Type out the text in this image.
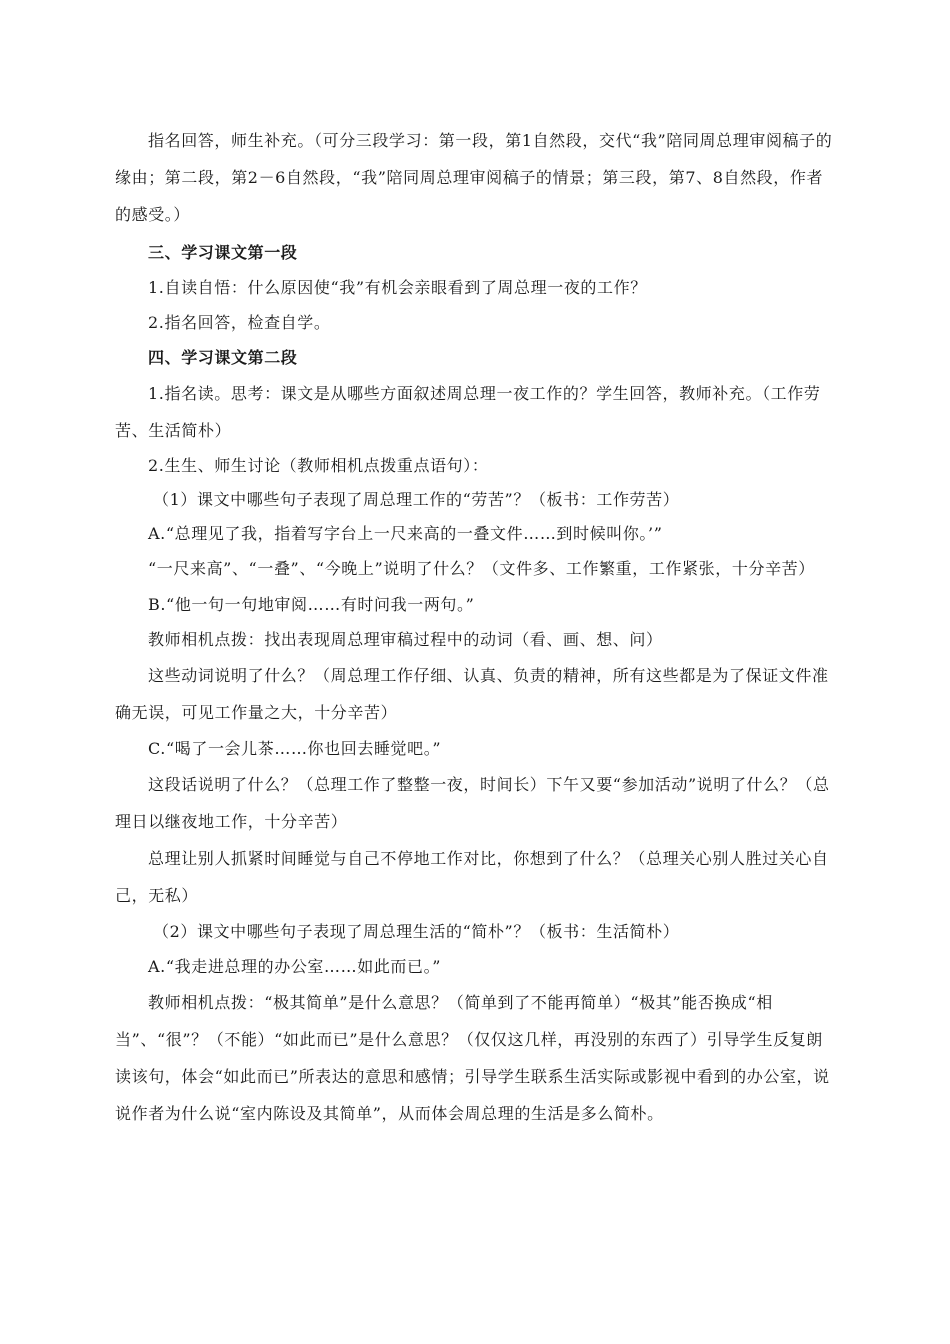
指名回答，师生补充。（可分三段学习：第一段，第1自然段，交代“我”陪同周总理审阅稿子的缘由；第二段，第2－6自然段，“我”陪同周总理审阅稿子的情景；第三段，第7、8自然段，作者的感受。）

三、学习课文第一段

1.自读自悟：什么原因使“我”有机会亲眼看到了周总理一夜的工作？

2.指名回答，检查自学。

四、学习课文第二段

1.指名读。思考：课文是从哪些方面叙述周总理一夜工作的？学生回答，教师补充。（工作劳苦、生活简朴）

2.生生、师生讨论（教师相机点拨重点语句）：

（1）课文中哪些句子表现了周总理工作的“劳苦”？（板书：工作劳苦）

A.“总理见了我，指着写字台上一尺来高的一叠文件……到时候叫你。’”

“一尺来高”、“一叠”、“今晚上”说明了什么？（文件多、工作繁重，工作紧张，十分辛苦）

B.“他一句一句地审阅……有时问我一两句。”

教师相机点拨：找出表现周总理审稿过程中的动词（看、画、想、问）

这些动词说明了什么？（周总理工作仔细、认真、负责的精神，所有这些都是为了保证文件准确无误，可见工作量之大，十分辛苦）

C.“喝了一会儿茶……你也回去睡觉吧。”

这段话说明了什么？（总理工作了整整一夜，时间长）下午又要“参加活动”说明了什么？（总理日以继夜地工作，十分辛苦）

总理让别人抓紧时间睡觉与自己不停地工作对比，你想到了什么？（总理关心别人胜过关心自己，无私）

（2）课文中哪些句子表现了周总理生活的“简朴”？（板书：生活简朴）

A.“我走进总理的办公室……如此而已。”

教师相机点拨：“极其简单”是什么意思？（简单到了不能再简单）“极其”能否换成“相当”、“很”？（不能）“如此而已”是什么意思？（仅仅这几样，再没别的东西了）引导学生反复朗读该句，体会“如此而已”所表达的意思和感情；引导学生联系生活实际或影视中看到的办公室，说说作者为什么说“室内陈设及其简单”，从而体会周总理的生活是多么简朴。
